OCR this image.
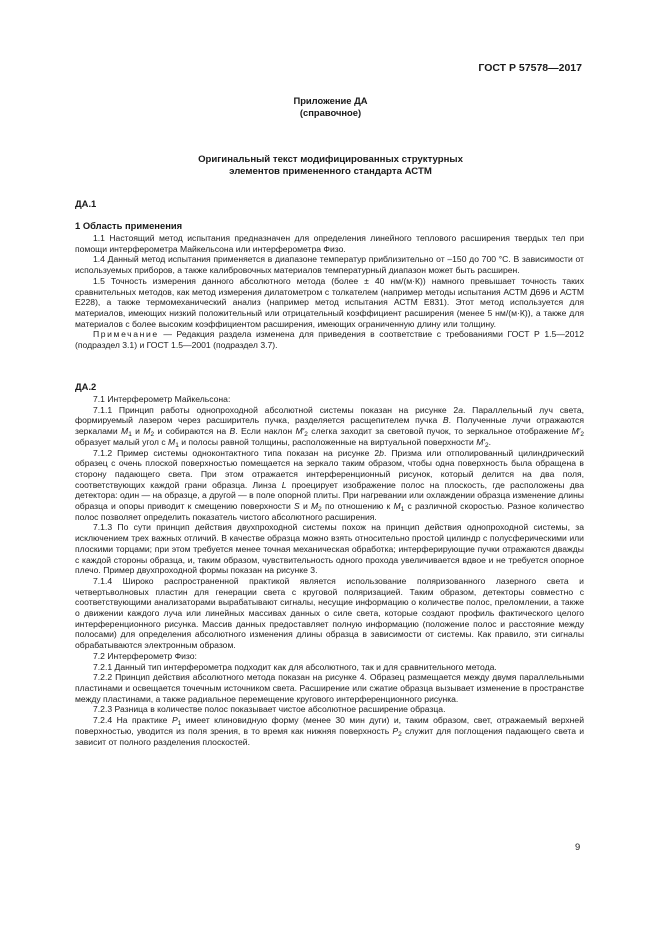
ГОСТ Р 57578—2017
Приложение ДА
(справочное)
Оригинальный текст модифицированных структурных
элементов примененного стандарта АСТМ
ДА.1
1 Область применения

1.1 Настоящий метод испытания предназначен для определения линейного теплового расширения твердых тел при помощи интерферометра Майкельсона или интерферометра Физо.

1.4 Данный метод испытания применяется в диапазоне температур приблизительно от –150 до 700 °С. В зависимости от используемых приборов, а также калибровочных материалов температурный диапазон может быть расширен.

1.5 Точность измерения данного абсолютного метода (более ± 40 нм/(м·К)) намного превышает точность таких сравнительных методов, как метод измерения дилатометром с толкателем (например методы испытания АСТМ Д696 и АСТМ Е228), а также термомеханический анализ (например метод испытания АСТМ Е831). Этот метод используется для материалов, имеющих низкий положительный или отрицательный коэффициент расширения (менее 5 нм/(м·К)), а также для материалов с более высоким коэффициентом расширения, имеющих ограниченную длину или толщину.

Примечание — Редакция раздела изменена для приведения в соответствие с требованиями ГОСТ Р 1.5—2012 (подраздел 3.1) и ГОСТ 1.5—2001 (подраздел 3.7).

ДА.2

7.1 Интерферометр Майкельсона:

7.1.1 Принцип работы однопроходной абсолютной системы показан на рисунке 2a. Параллельный луч света, формируемый лазером через расширитель пучка, разделяется расщепителем пучка B. Полученные лучи отражаются зеркалами $M_1$ и $M_2$ и собираются на B. Если наклон $M'_2$ слегка заходит за световой пучок, то зеркальное отображение $M'_2$ образует малый угол с $M_1$ и полосы равной толщины, расположенные на виртуальной поверхности $M'_2$.

7.1.2 Пример системы одноконтактного типа показан на рисунке 2b. Призма или отполированный цилиндрический образец с очень плоской поверхностью помещается на зеркало таким образом, чтобы одна поверхность была обращена в сторону падающего света. При этом отражается интерференционный рисунок, который делится на два поля, соответствующих каждой грани образца. Линза L проецирует изображение полос на плоскость, где расположены два детектора: один — на образце, а другой — в поле опорной плиты. При нагревании или охлаждении образца изменение длины образца и опоры приводит к смещению поверхности S и $M_2$ по отношению к $M_1$ с различной скоростью. Разное количество полос позволяет определить показатель чистого абсолютного расширения.

7.1.3 По сути принцип действия двухпроходной системы похож на принцип действия однопроходной системы, за исключением трех важных отличий. В качестве образца можно взять относительно простой цилиндр с полусферическими или плоскими торцами; при этом требуется менее точная механическая обработка; интерферирующие пучки отражаются дважды с каждой стороны образца, и, таким образом, чувствительность одного прохода увеличивается вдвое и не требуется опорное плечо. Пример двухпроходной формы показан на рисунке 3.

7.1.4 Широко распространенной практикой является использование поляризованного лазерного света и четвертьволновых пластин для генерации света с круговой поляризацией. Таким образом, детекторы совместно с соответствующими анализаторами вырабатывают сигналы, несущие информацию о количестве полос, преломлении, а также о движении каждого луча или линейных массивах данных о силе света, которые создают профиль фактического целого интерференционного рисунка. Массив данных предоставляет полную информацию (положение полос и расстояние между полосами) для определения абсолютного изменения длины образца в зависимости от системы. Как правило, эти сигналы обрабатываются электронным образом.

7.2 Интерферометр Физо:

7.2.1 Данный тип интерферометра подходит как для абсолютного, так и для сравнительного метода.

7.2.2 Принцип действия абсолютного метода показан на рисунке 4. Образец размещается между двумя параллельными пластинами и освещается точечным источником света. Расширение или сжатие образца вызывает изменение в пространстве между пластинами, а также радиальное перемещение кругового интерференционного рисунка.

7.2.3 Разница в количестве полос показывает чистое абсолютное расширение образца.

7.2.4 На практике $P_1$ имеет клиновидную форму (менее 30 мин дуги) и, таким образом, свет, отражаемый верхней поверхностью, уводится из поля зрения, в то время как нижняя поверхность $P_2$ служит для поглощения падающего света и зависит от полного разделения плоскостей.

9
